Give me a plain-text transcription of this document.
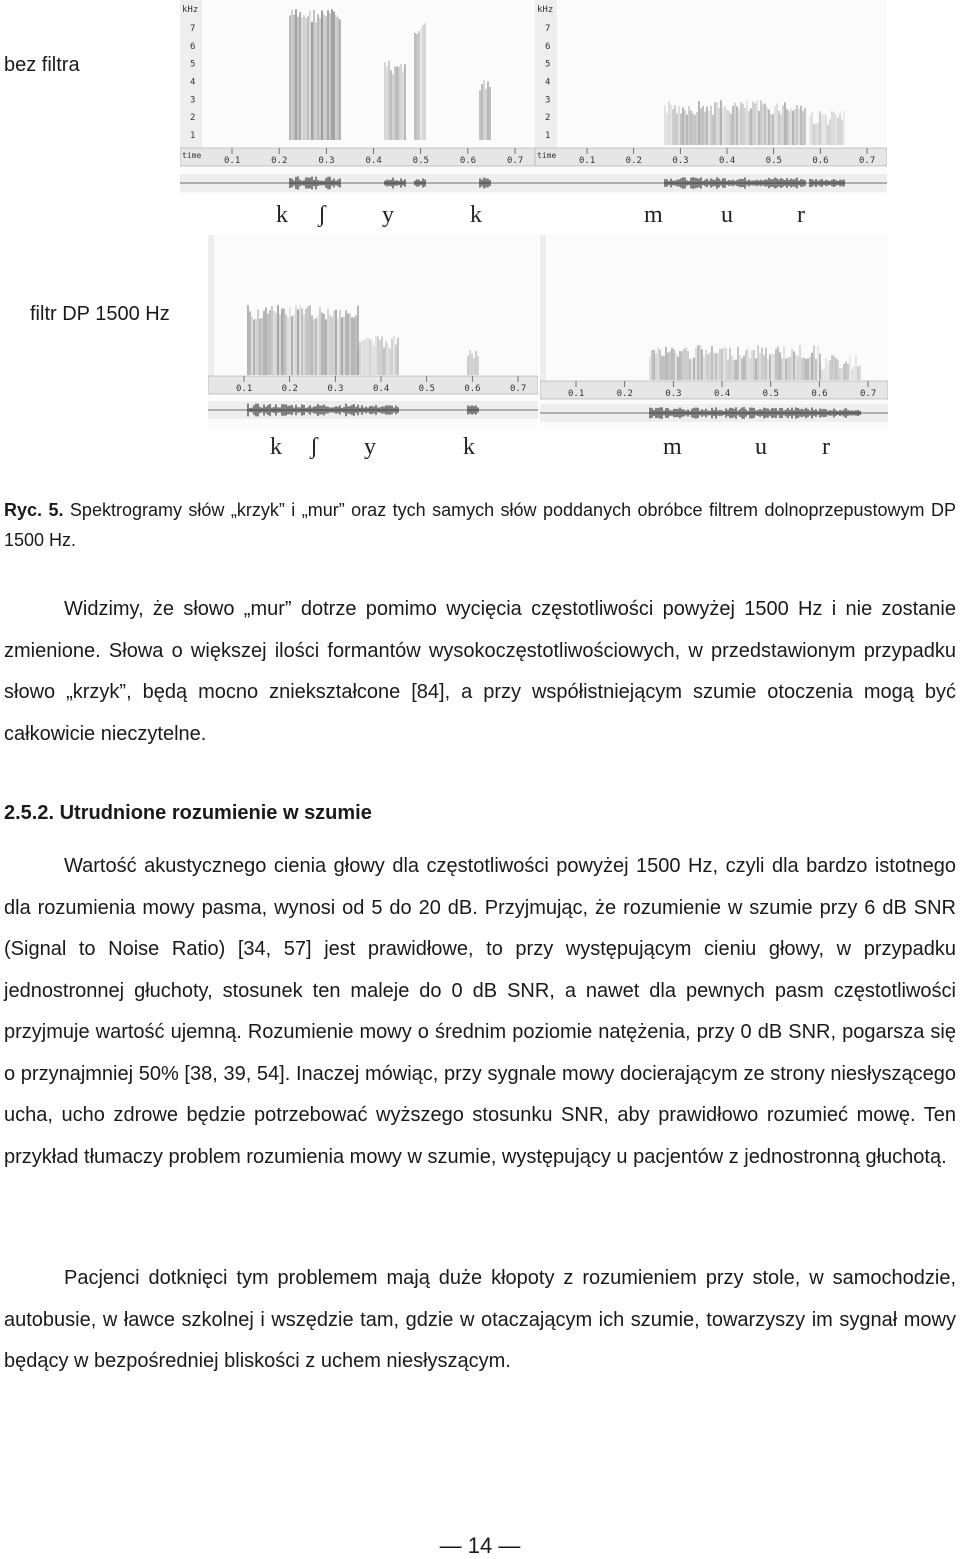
bez filtra
filtr DP 1500 Hz
kHz
7
6
5
4
3
2
1
time
0.1	0.2	0.3	0.4	0.5	0.6	0.7
kHz
7
6
5
4
3
2
1
time
0.1	0.2	0.3	0.4	0.5	0.6	0.7
0.1	0.2	0.3	0.4	0.5	0.6	0.7	0.1	0.2	0.3	0.4	0.5	0.6	0.7
k ʃ y	k	m u	r
k ʃ y	k	m	u r
Ryc. 5. Spektrogramy słów „krzyk” i „mur” oraz tych samych słów poddanych obróbce filtrem dolnoprzepustowym DP 1500 Hz.

Widzimy, że słowo „mur” dotrze pomimo wycięcia częstotliwości powyżej 1500 Hz i nie zostanie zmienione. Słowa o większej ilości formantów wysokoczęstotliwościowych, w przedstawionym przypadku słowo „krzyk”, będą mocno zniekształcone [84], a przy współistniejącym szumie otoczenia mogą być całkowicie nieczytelne.

2.5.2. Utrudnione rozumienie w szumie

Wartość akustycznego cienia głowy dla częstotliwości powyżej 1500 Hz, czyli dla bardzo istotnego dla rozumienia mowy pasma, wynosi od 5 do 20 dB. Przyjmując, że rozumienie w szumie przy 6 dB SNR (Signal to Noise Ratio) [34, 57] jest prawidłowe, to przy występującym cieniu głowy, w przypadku jednostronnej głuchoty, stosunek ten maleje do 0 dB SNR, a nawet dla pewnych pasm częstotliwości przyjmuje wartość ujemną. Rozumienie mowy o średnim poziomie natężenia, przy 0 dB SNR, pogarsza się o przynajmniej 50% [38, 39, 54]. Inaczej mówiąc, przy sygnale mowy docierającym ze strony niesłyszącego ucha, ucho zdrowe będzie potrzebować wyższego stosunku SNR, aby prawidłowo rozumieć mowę. Ten przykład tłumaczy problem rozumienia mowy w szumie, występujący u pacjentów z jednostronną głuchotą.

Pacjenci dotknięci tym problemem mają duże kłopoty z rozumieniem przy stole, w samochodzie, autobusie, w ławce szkolnej i wszędzie tam, gdzie w otaczającym ich szumie, towarzyszy im sygnał mowy będący w bezpośredniej bliskości z uchem niesłyszącym.

— 14 —
